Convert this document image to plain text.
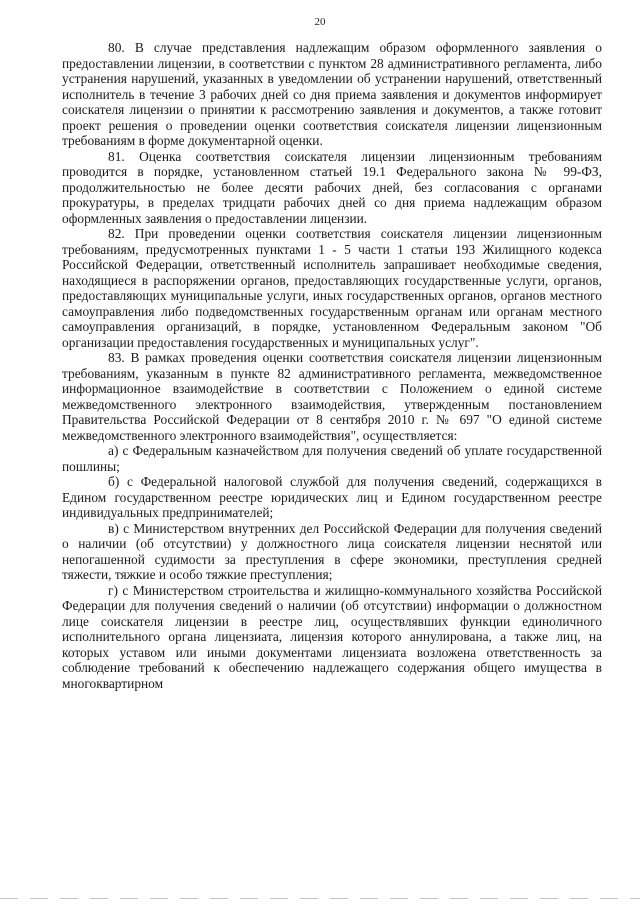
20

80. В случае представления надлежащим образом оформленного заявления о предоставлении лицензии, в соответствии с пунктом 28 административного регламента, либо устранения нарушений, указанных в уведомлении об устранении нарушений, ответственный исполнитель в течение 3 рабочих дней со дня приема заявления и документов информирует соискателя лицензии о принятии к рассмотрению заявления и документов, а также готовит проект решения о проведении оценки соответствия соискателя лицензии лицензионным требованиям в форме документарной оценки.

81. Оценка соответствия соискателя лицензии лицензионным требованиям проводится в порядке, установленном статьей 19.1 Федерального закона № 99-ФЗ, продолжительностью не более десяти рабочих дней, без согласования с органами прокуратуры, в пределах тридцати рабочих дней со дня приема надлежащим образом оформленных заявления о предоставлении лицензии.

82. При проведении оценки соответствия соискателя лицензии лицензионным требованиям, предусмотренных пунктами 1 - 5 части 1 статьи 193 Жилищного кодекса Российской Федерации, ответственный исполнитель запрашивает необходимые сведения, находящиеся в распоряжении органов, предоставляющих государственные услуги, органов, предоставляющих муниципальные услуги, иных государственных органов, органов местного самоуправления либо подведомственных государственным органам или органам местного самоуправления организаций, в порядке, установленном Федеральным законом "Об организации предоставления государственных и муниципальных услуг".

83. В рамках проведения оценки соответствия соискателя лицензии лицензионным требованиям, указанным в пункте 82 административного регламента, межведомственное информационное взаимодействие в соответствии с Положением о единой системе межведомственного электронного взаимодействия, утвержденным постановлением Правительства Российской Федерации от 8 сентября 2010 г. № 697 "О единой системе межведомственного электронного взаимодействия", осуществляется:

а) с Федеральным казначейством для получения сведений об уплате государственной пошлины;

б) с Федеральной налоговой службой для получения сведений, содержащихся в Едином государственном реестре юридических лиц и Едином государственном реестре индивидуальных предпринимателей;

в) с Министерством внутренних дел Российской Федерации для получения сведений о наличии (об отсутствии) у должностного лица соискателя лицензии неснятой или непогашенной судимости за преступления в сфере экономики, преступления средней тяжести, тяжкие и особо тяжкие преступления;

г) с Министерством строительства и жилищно-коммунального хозяйства Российской Федерации для получения сведений о наличии (об отсутствии) информации о должностном лице соискателя лицензии в реестре лиц, осуществлявших функции единоличного исполнительного органа лицензиата, лицензия которого аннулирована, а также лиц, на которых уставом или иными документами лицензиата возложена ответственность за соблюдение требований к обеспечению надлежащего содержания общего имущества в многоквартирном
